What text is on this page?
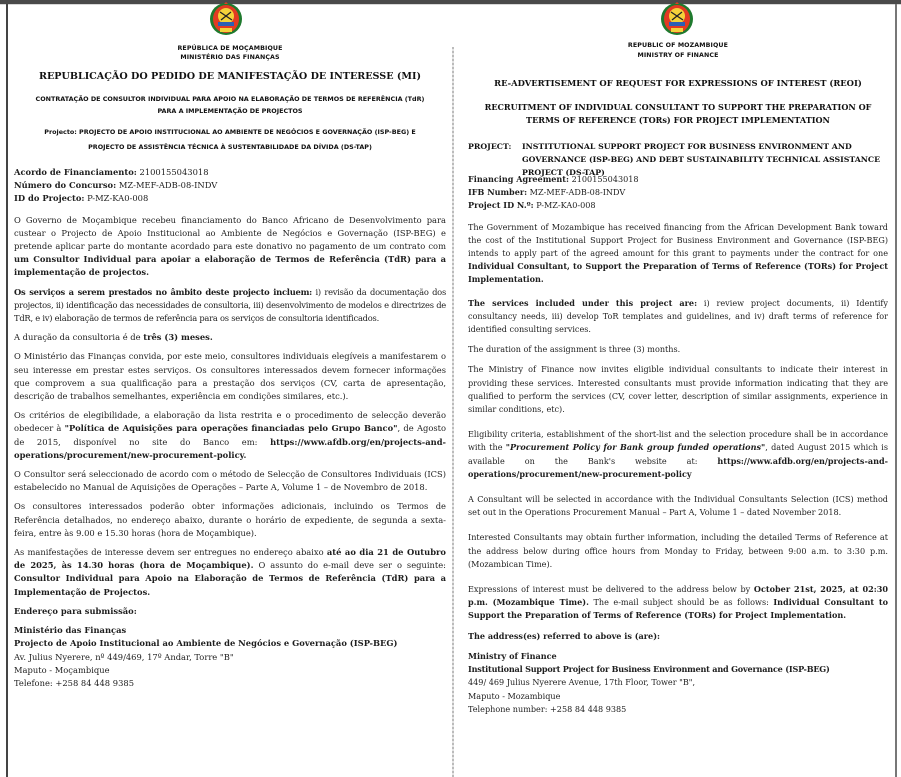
REPÚBLICA DE MOÇAMBIQUE
MINISTÉRIO DAS FINANÇAS
REPUBLICAÇÃO DO PEDIDO DE MANIFESTAÇÃO DE INTERESSE (MI)
CONTRATAÇÃO DE CONSULTOR INDIVIDUAL PARA APOIO NA ELABORAÇÃO DE TERMOS DE REFERÊNCIA (TdR)
PARA A IMPLEMENTAÇÃO DE PROJECTOS
Projecto: PROJECTO DE APOIO INSTITUCIONAL AO AMBIENTE DE NEGÓCIOS E GOVERNAÇÃO (ISP-BEG) E
PROJECTO DE ASSISTÊNCIA TÉCNICA À SUSTENTABILIDADE DA DÍVIDA (DS-TAP)
Acordo de Financiamento: 2100155043018
Número do Concurso: MZ-MEF-ADB-08-INDV
ID do Projecto: P-MZ-KA0-008

O Governo de Moçambique recebeu financiamento do Banco Africano de Desenvolvimento para custear o Projecto de Apoio Institucional ao Ambiente de Negócios e Governação (ISP-BEG) e pretende aplicar parte do montante acordado para este donativo no pagamento de um contrato com um Consultor Individual para apoiar a elaboração de Termos de Referência (TdR) para a implementação de projectos.

Os serviços a serem prestados no âmbito deste projecto incluem: i) revisão da documentação dos projectos, ii) identificação das necessidades de consultoria, iii) desenvolvimento de modelos e directrizes de TdR, e iv) elaboração de termos de referência para os serviços de consultoria identificados.

A duração da consultoria é de três (3) meses.

O Ministério das Finanças convida, por este meio, consultores individuais elegíveis a manifestarem o seu interesse em prestar estes serviços. Os consultores interessados devem fornecer informações que comprovem a sua qualificação para a prestação dos serviços (CV, carta de apresentação, descrição de trabalhos semelhantes, experiência em condições similares, etc.).

Os critérios de elegibilidade, a elaboração da lista restrita e o procedimento de selecção deverão obedecer à "Política de Aquisições para operações financiadas pelo Grupo Banco", de Agosto de 2015, disponível no site do Banco em: https://www.afdb.org/en/projects-and-operations/procurement/new-procurement-policy.

O Consultor será seleccionado de acordo com o método de Selecção de Consultores Individuais (ICS) estabelecido no Manual de Aquisições de Operações – Parte A, Volume 1 – de Novembro de 2018.

Os consultores interessados poderão obter informações adicionais, incluindo os Termos de Referência detalhados, no endereço abaixo, durante o horário de expediente, de segunda a sexta-feira, entre às 9.00 e 15.30 horas (hora de Moçambique).

As manifestações de interesse devem ser entregues no endereço abaixo até ao dia 21 de Outubro de 2025, às 14.30 horas (hora de Moçambique). O assunto do e-mail deve ser o seguinte: Consultor Individual para Apoio na Elaboração de Termos de Referência (TdR) para a Implementação de Projectos.

Endereço para submissão:

Ministério das Finanças
Projecto de Apoio Institucional ao Ambiente de Negócios e Governação (ISP-BEG)
Av. Julius Nyerere, nº 449/469, 17º Andar, Torre "B"
Maputo - Moçambique
Telefone: +258 84 448 9385
REPUBLIC OF MOZAMBIQUE
MINISTRY OF FINANCE
RE-ADVERTISEMENT OF REQUEST FOR EXPRESSIONS OF INTEREST (REOI)
RECRUITMENT OF INDIVIDUAL CONSULTANT TO SUPPORT THE PREPARATION OF
TERMS OF REFERENCE (TORs) FOR PROJECT IMPLEMENTATION
PROJECT: INSTITUTIONAL SUPPORT PROJECT FOR BUSINESS ENVIRONMENT AND GOVERNANCE (ISP-BEG) AND DEBT SUSTAINABILITY TECHNICAL ASSISTANCE PROJECT (DS-TAP)
Financing Agreement: 2100155043018
IFB Number: MZ-MEF-ADB-08-INDV
Project ID N.º: P-MZ-KA0-008

The Government of Mozambique has received financing from the African Development Bank toward the cost of the Institutional Support Project for Business Environment and Governance (ISP-BEG) intends to apply part of the agreed amount for this grant to payments under the contract for one Individual Consultant, to Support the Preparation of Terms of Reference (TORs) for Project Implementation.

The services included under this project are: i) review project documents, ii) Identify consultancy needs, iii) develop ToR templates and guidelines, and iv) draft terms of reference for identified consulting services.

The duration of the assignment is three (3) months.

The Ministry of Finance now invites eligible individual consultants to indicate their interest in providing these services. Interested consultants must provide information indicating that they are qualified to perform the services (CV, cover letter, description of similar assignments, experience in similar conditions, etc).

Eligibility criteria, establishment of the short-list and the selection procedure shall be in accordance with the "Procurement Policy for Bank group funded operations", dated August 2015 which is available on the Bank's website at: https://www.afdb.org/en/projects-and-operations/procurement/new-procurement-policy

A Consultant will be selected in accordance with the Individual Consultants Selection (ICS) method set out in the Operations Procurement Manual – Part A, Volume 1 – dated November 2018.

Interested Consultants may obtain further information, including the detailed Terms of Reference at the address below during office hours from Monday to Friday, between 9:00 a.m. to 3:30 p.m. (Mozambican Time).

Expressions of interest must be delivered to the address below by October 21st, 2025, at 02:30 p.m. (Mozambique Time). The e-mail subject should be as follows: Individual Consultant to Support the Preparation of Terms of Reference (TORs) for Project Implementation.

The address(es) referred to above is (are):

Ministry of Finance
Institutional Support Project for Business Environment and Governance (ISP-BEG)
449/ 469 Julius Nyerere Avenue, 17th Floor, Tower "B",
Maputo - Mozambique
Telephone number: +258 84 448 9385
